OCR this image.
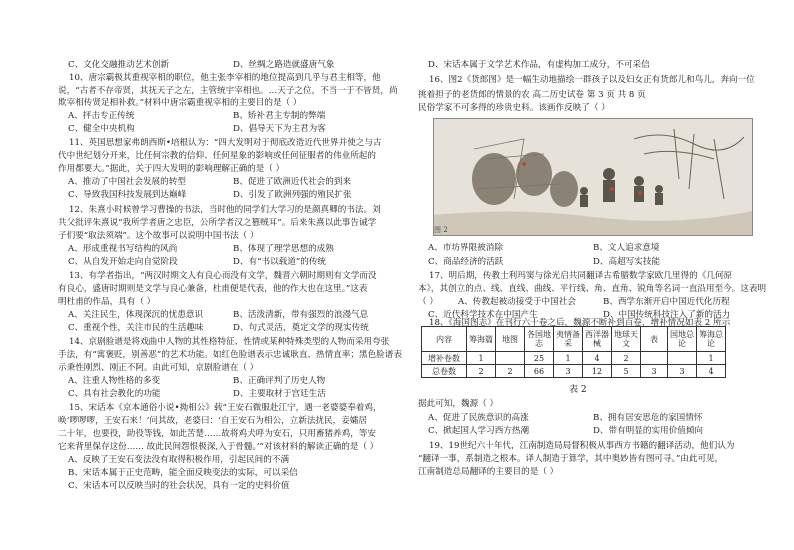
C、文化交融推动艺术创新	D、丝绸之路造就盛唐气象
10、唐宗霸极其重视宰相的职位，他主张李宰相的地位提高到几乎与君主相等，他
说，“古者不存帝贤，其抚天子之左，主管统宇宰相也。…天子之位，不当一于不皆贤，尚
欺宰相传贤足相补救。”材料中唐宗霸重视宰相的主要目的是（ ）
A、抨击专正传统	B、矫补君主专制的弊端
C、健全中央机构	D、倡导天下为主君为客
11、英国思想家弗朗西斯•培根认为：“四大发明对于彻底改造近代世界并使之与古
代中世纪划分开来，比任何宗教的信仰、任何星象的影响或任何征服者的伟业所起的
作用都要大。”据此，关于四大发明的影响理解正确的是（ ）
A、推动了中国社会发展的转型	B、促进了欧洲近代社会的到来
C、导致我国科技发展到达巅峰	D、引发了欧洲列强的殖民扩张
12、朱熹小时候曾学习曹操的书法，当时他的同学们大学习的是颜真卿的书法。刘
共父批评朱熹说“我所学者唐之忠臣，公所学者汉之篡贼耳”。后来朱熹以此事告诫学
子们要“取法须端”。这个故事可以说明中国书法（ ）
A、形成重视书写结构的风尚	B、体现了理学思想的成熟
C、从自发开始走向自觉阶段	D、有“书以载道”的传统
13、有学者指出，“两汉时期文人有良心而没有文学，魏晋六朝时期则有文学而没
有良心，盛唐时期则是文学与良心兼备，杜甫便是代表，他的作大也在这里。”这表
明杜甫的作品，具有（ ）
A、关注民生，体现深沉的忧患意识	B、活泼清新，带有强烈的浪漫气息
C、重视个性，关注市民的生活趣味	D、句式灵活，奠定文学的现实传统
14、京剧脸谱是将戏曲中人物的其性格特征、性情或某种特殊类型的人物而采用夸张
手法，有“寓褒贬，别善恶”的艺术功能。如红色脸谱表示忠诚耿直、热情直率；黑色脸谱表
示秉性刚烈、刚正不阿。由此可知，京剧脸谱在（ ）
A、注重人物性格的多变	B、正确评判了历史人物
C、具有社会教化的功能	D、主要取材于宫廷生活
15、宋话本《京本通俗小说•拗相公》载“王安石微服赴江宁，遇一老婆婆奉着鸡，
唤‘啰啰啰，王安石来！’问其故，老婆曰：‘自王安石为相公，立新法扰民，妾孀居
二十年，也要役，助役等钱，如此苦楚……故将鸡犬呼为安石，只用畜猪养鸡，等安
它来背里保存这份…… 故此民间怨恨极深,入于骨髓。’”对该材料的解读正确的是（ ）
A、反映了王安石变法没有取得积极作用，引起民间的不满
B、宋话本属于正史范畴，能全面反映变法的实际，可以采信
C、宋话本可以反映当时的社会状况，具有一定的史料价值
D、宋话本属于文学艺术作品，有虚构加工成分，不可采信
16、图2《货郎图》是一幅生动地描绘一群孩子以及妇女正有货郎儿和鸟儿，奔向一位
挑着担子的老货郎的情景的农 高二历史试卷 第 3 页 共 8 页
民俗学家不可多得的珍贵史料。该画作反映了（ ）
图 2
A、市坊界限被消除	B、文人追求意境
C、商品经济的活跃	D、高超写实技能
17、明后期，传教士利玛窦与徐光启共同翻译古希腊数学家欧几里得的《几何原
本》，其创立的点、线、直线、曲线、平行线、角、直角、锐角等名词一直沿用至今。这表明
（ ） A、传教起被动接受于中国社会	B、西学东渐开启中国近代化历程
C、近代科学技术在中国产生	D、中国传统科技注入了新的活力
18、《海国图志》在刊行六十卷之后，魏源不断补到百卷，增补情况如表 2 所示
内容	筹海篇	地图	各国地志	夷情备采	西洋器械	地球天文	表	国地总论	筹海总论
增补卷数	1		25	1	4	2			1
总卷数	2	2	66	3	12	5	3	3	4
表 2
据此可知，魏源（ ）
A、促进了民族意识的高涨	B、拥有居安思危的家国情怀
C、掀起国人学习西方热潮	D、带有明显的实用价值倾向
19、19世纪六十年代，江南制造局局督积极从事西方书籍的翻译活动，他们认为
“翻译一事，系制造之根本。译人制造于算学，其中奥妙皆有图可寻。”由此可见，
江南制造总局翻译的主要目的是（ ）
